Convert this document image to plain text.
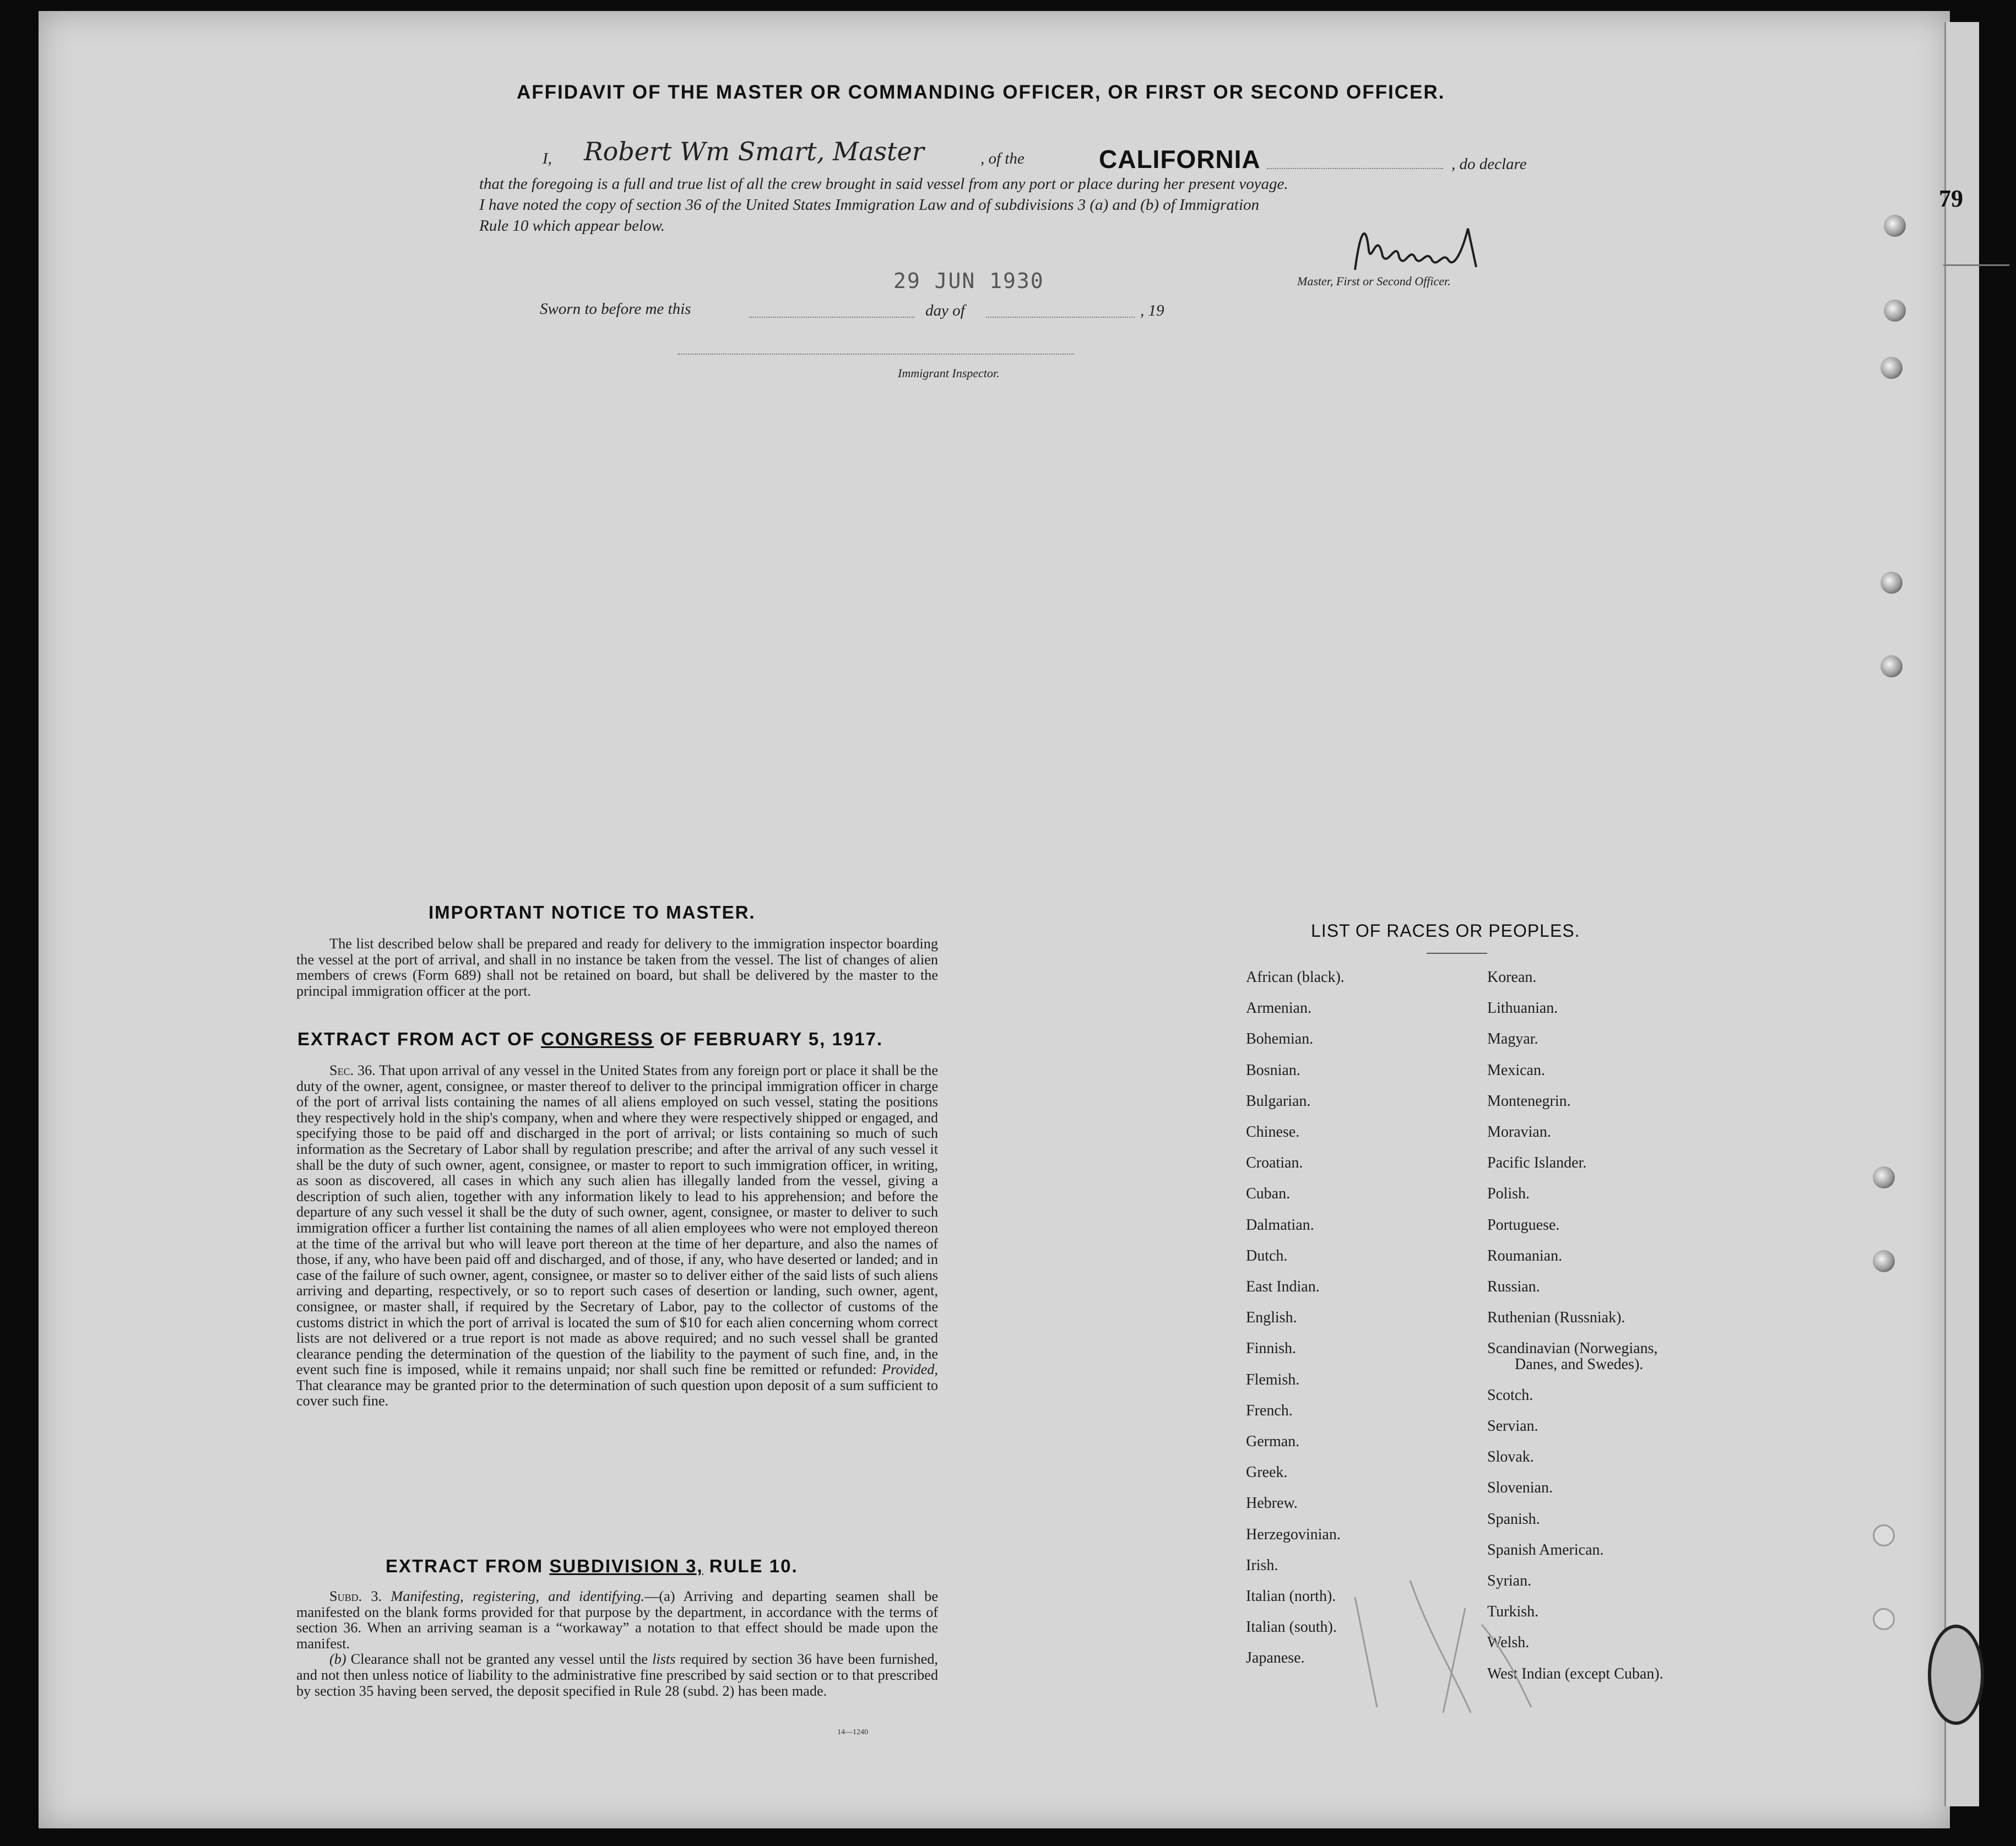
79
AFFIDAVIT OF THE MASTER OR COMMANDING OFFICER, OR FIRST OR SECOND OFFICER.
I, Robert Wm Smart, Master	, of the	CALIFORNIA	, do declare
that the foregoing is a full and true list of all the crew brought in said vessel from any port or place during her present voyage.
I have noted the copy of section 36 of the United States Immigration Law and of subdivisions 3 (a) and (b) of Immigration
Rule 10 which appear below.
Master, First or Second Officer.
29 JUN 1930
Sworn to before me this	day of	, 19
Immigrant Inspector.
IMPORTANT NOTICE TO MASTER.

The list described below shall be prepared and ready for delivery to the immigration inspector boarding the vessel at the port of arrival, and shall in no instance be taken from the vessel. The list of changes of alien members of crews (Form 689) shall not be retained on board, but shall be delivered by the master to the principal immigration officer at the port.

EXTRACT FROM ACT OF CONGRESS OF FEBRUARY 5, 1917.

Sec. 36. That upon arrival of any vessel in the United States from any foreign port or place it shall be the duty of the owner, agent, consignee, or master thereof to deliver to the principal immigration officer in charge of the port of arrival lists containing the names of all aliens employed on such vessel, stating the positions they respectively hold in the ship's company, when and where they were respectively shipped or engaged, and specifying those to be paid off and discharged in the port of arrival; or lists containing so much of such information as the Secretary of Labor shall by regulation prescribe; and after the arrival of any such vessel it shall be the duty of such owner, agent, consignee, or master to report to such immigration officer, in writing, as soon as discovered, all cases in which any such alien has illegally landed from the vessel, giving a description of such alien, together with any information likely to lead to his apprehension; and before the departure of any such vessel it shall be the duty of such owner, agent, consignee, or master to deliver to such immigration officer a further list containing the names of all alien employees who were not employed thereon at the time of the arrival but who will leave port thereon at the time of her departure, and also the names of those, if any, who have been paid off and discharged, and of those, if any, who have deserted or landed; and in case of the failure of such owner, agent, consignee, or master so to deliver either of the said lists of such aliens arriving and departing, respectively, or so to report such cases of desertion or landing, such owner, agent, consignee, or master shall, if required by the Secretary of Labor, pay to the collector of customs of the customs district in which the port of arrival is located the sum of $10 for each alien concerning whom correct lists are not delivered or a true report is not made as above required; and no such vessel shall be granted clearance pending the determination of the question of the liability to the payment of such fine, and, in the event such fine is imposed, while it remains unpaid; nor shall such fine be remitted or refunded: Provided, That clearance may be granted prior to the determination of such question upon deposit of a sum sufficient to cover such fine.

EXTRACT FROM SUBDIVISION 3, RULE 10.

Subd. 3. Manifesting, registering, and identifying.—(a) Arriving and departing seamen shall be manifested on the blank forms provided for that purpose by the department, in accordance with the terms of section 36. When an arriving seaman is a “workaway” a notation to that effect should be made upon the manifest.

(b) Clearance shall not be granted any vessel until the lists required by section 36 have been furnished, and not then unless notice of liability to the administrative fine prescribed by said section or to that prescribed by section 35 having been served, the deposit specified in Rule 28 (subd. 2) has been made.

14—1240
LIST OF RACES OR PEOPLES.
African (black).
Armenian.
Bohemian.
Bosnian.
Bulgarian.
Chinese.
Croatian.
Cuban.
Dalmatian.
Dutch.
East Indian.
English.
Finnish.
Flemish.
French.
German.
Greek.
Hebrew.
Herzegovinian.
Irish.
Italian (north).
Italian (south).
Japanese.
Korean.
Lithuanian.
Magyar.
Mexican.
Montenegrin.
Moravian.
Pacific Islander.
Polish.
Portuguese.
Roumanian.
Russian.
Ruthenian (Russniak).
Scandinavian (Norwegians,
Danes, and Swedes).
Scotch.
Servian.
Slovak.
Slovenian.
Spanish.
Spanish American.
Syrian.
Turkish.
Welsh.
West Indian (except Cuban).
